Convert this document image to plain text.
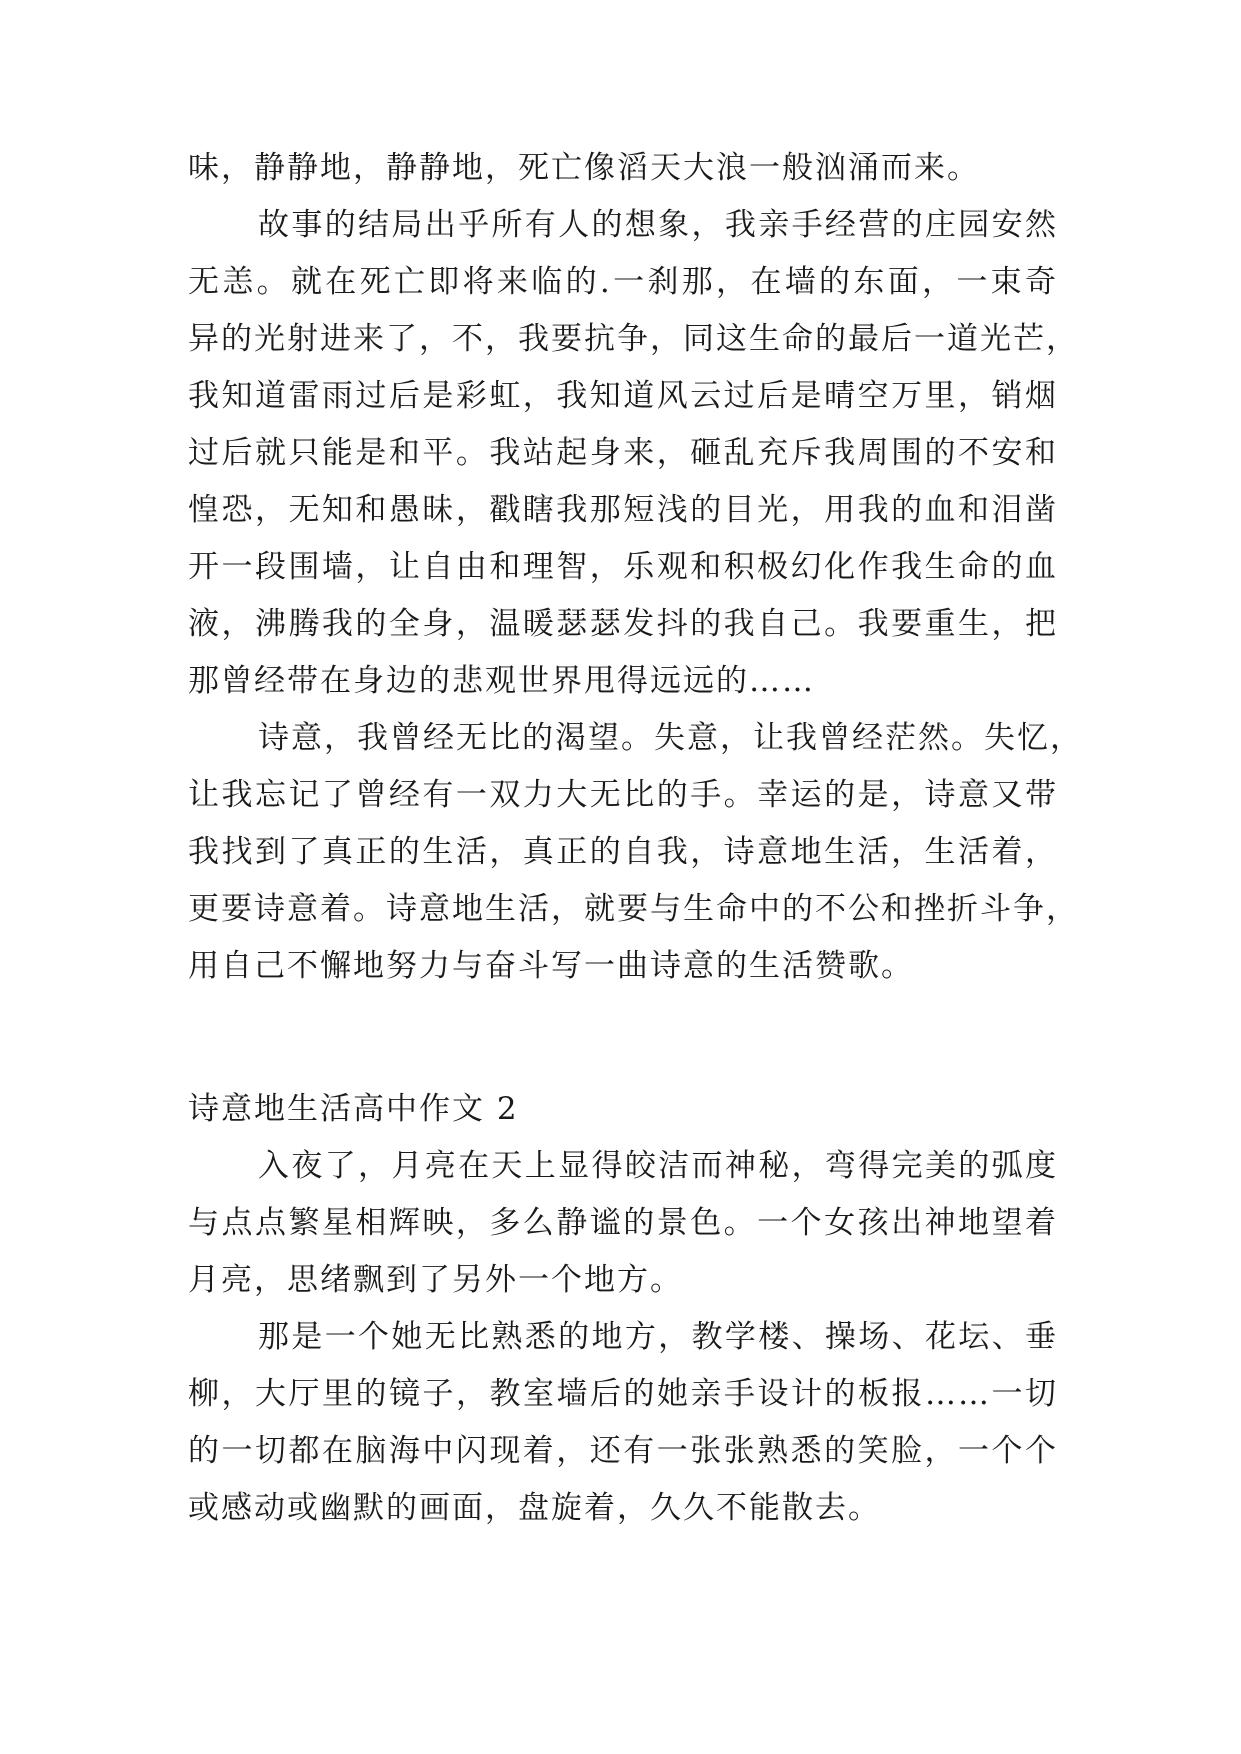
味，静静地，静静地，死亡像滔天大浪一般汹涌而来。
故事的结局出乎所有人的想象，我亲手经营的庄园安然
无恙。就在死亡即将来临的.一刹那，在墙的东面，一束奇
异的光射进来了，不，我要抗争，同这生命的最后一道光芒，
我知道雷雨过后是彩虹，我知道风云过后是晴空万里，销烟
过后就只能是和平。我站起身来，砸乱充斥我周围的不安和
惶恐，无知和愚昧，戳瞎我那短浅的目光，用我的血和泪凿
开一段围墙，让自由和理智，乐观和积极幻化作我生命的血
液，沸腾我的全身，温暖瑟瑟发抖的我自己。我要重生，把
那曾经带在身边的悲观世界甩得远远的……
诗意，我曾经无比的渴望。失意，让我曾经茫然。失忆，
让我忘记了曾经有一双力大无比的手。幸运的是，诗意又带
我找到了真正的生活，真正的自我，诗意地生活，生活着，
更要诗意着。诗意地生活，就要与生命中的不公和挫折斗争，
用自己不懈地努力与奋斗写一曲诗意的生活赞歌。
诗意地生活高中作文 2
入夜了，月亮在天上显得皎洁而神秘，弯得完美的弧度
与点点繁星相辉映，多么静谧的景色。一个女孩出神地望着
月亮，思绪飘到了另外一个地方。
那是一个她无比熟悉的地方，教学楼、操场、花坛、垂
柳，大厅里的镜子，教室墙后的她亲手设计的板报……一切
的一切都在脑海中闪现着，还有一张张熟悉的笑脸，一个个
或感动或幽默的画面，盘旋着，久久不能散去。
